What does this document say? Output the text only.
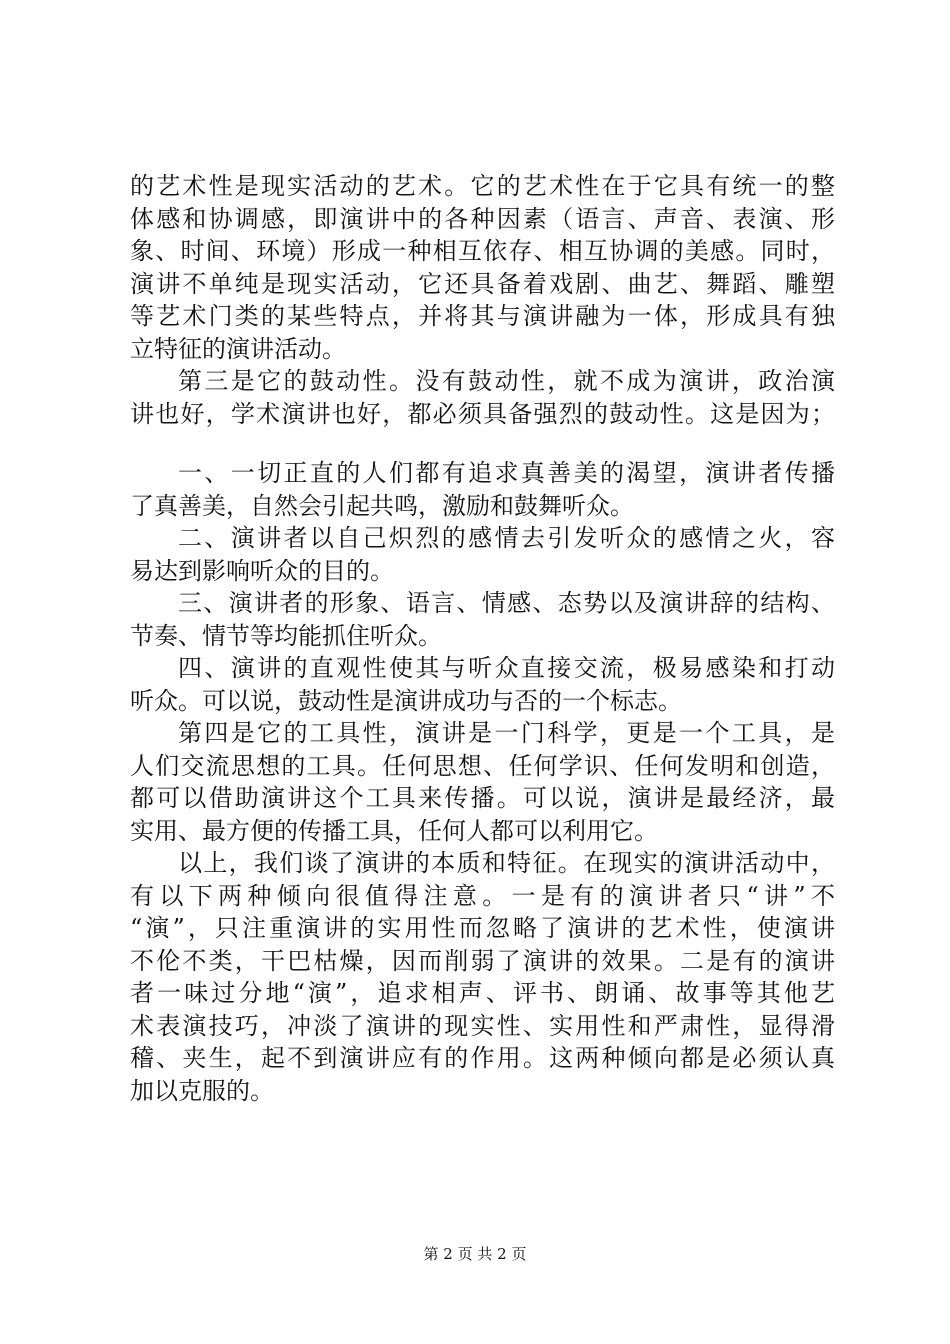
的艺术性是现实活动的艺术。它的艺术性在于它具有统一的整
体感和协调感，即演讲中的各种因素（语言、声音、表演、形
象、时间、环境）形成一种相互依存、相互协调的美感。同时，
演讲不单纯是现实活动，它还具备着戏剧、曲艺、舞蹈、雕塑
等艺术门类的某些特点，并将其与演讲融为一体，形成具有独
立特征的演讲活动。
第三是它的鼓动性。没有鼓动性，就不成为演讲，政治演
讲也好，学术演讲也好，都必须具备强烈的鼓动性。这是因为；
一、一切正直的人们都有追求真善美的渴望，演讲者传播
了真善美，自然会引起共鸣，激励和鼓舞听众。
二、演讲者以自己炽烈的感情去引发听众的感情之火，容
易达到影响听众的目的。
三、演讲者的形象、语言、情感、态势以及演讲辞的结构、
节奏、情节等均能抓住听众。
四、演讲的直观性使其与听众直接交流，极易感染和打动
听众。可以说，鼓动性是演讲成功与否的一个标志。
第四是它的工具性，演讲是一门科学，更是一个工具，是
人们交流思想的工具。任何思想、任何学识、任何发明和创造，
都可以借助演讲这个工具来传播。可以说，演讲是最经济，最
实用、最方便的传播工具，任何人都可以利用它。
以上，我们谈了演讲的本质和特征。在现实的演讲活动中，
有以下两种倾向很值得注意。一是有的演讲者只“讲”不
“演”，只注重演讲的实用性而忽略了演讲的艺术性，使演讲
不伦不类，干巴枯燥，因而削弱了演讲的效果。二是有的演讲
者一味过分地“演”，追求相声、评书、朗诵、故事等其他艺
术表演技巧，冲淡了演讲的现实性、实用性和严肃性，显得滑
稽、夹生，起不到演讲应有的作用。这两种倾向都是必须认真
加以克服的。
第 2 页 共 2 页
